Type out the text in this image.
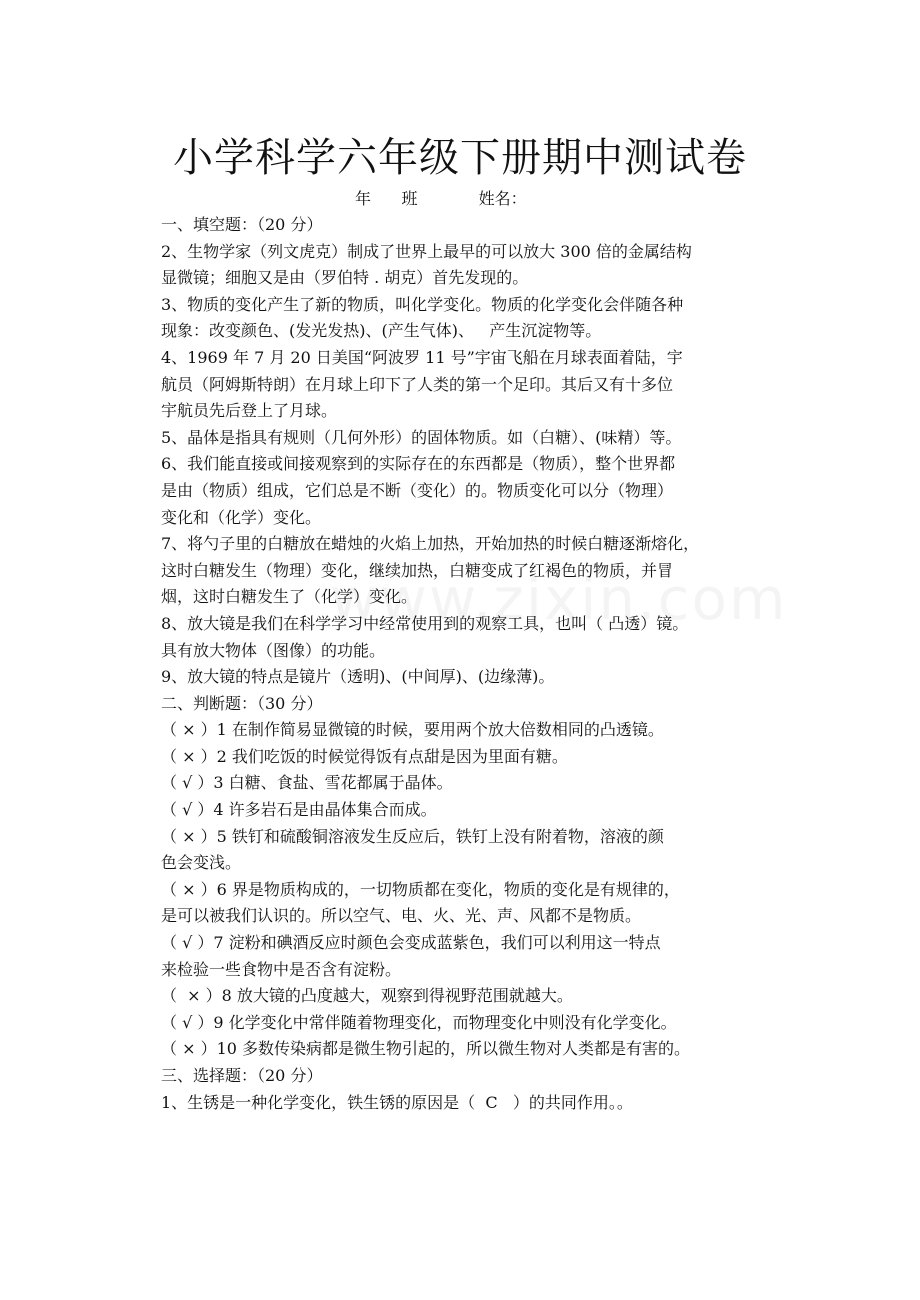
小学科学六年级下册期中测试卷
年 班	姓名：
一、填空题：（20 分）
2、生物学家（列文虎克）制成了世界上最早的可以放大 300 倍的金属结构
显微镜；细胞又是由（罗伯特 . 胡克）首先发现的。
3、物质的变化产生了新的物质，叫化学变化。物质的化学变化会伴随各种
现象：改变颜色、(发光发热)、(产生气体)、   产生沉淀物等。
4、1969 年 7 月 20 日美国“阿波罗 11 号”宇宙飞船在月球表面着陆，宇
航员（阿姆斯特朗）在月球上印下了人类的第一个足印。其后又有十多位
宇航员先后登上了月球。
5、晶体是指具有规则（几何外形）的固体物质。如（白糖）、(味精）等。
6、我们能直接或间接观察到的实际存在的东西都是（物质），整个世界都
是由（物质）组成，它们总是不断（变化）的。物质变化可以分（物理）
变化和（化学）变化。
7、将勺子里的白糖放在蜡烛的火焰上加热，开始加热的时候白糖逐渐熔化，
这时白糖发生（物理）变化，继续加热，白糖变成了红褐色的物质，并冒
烟，这时白糖发生了（化学）变化。
8、放大镜是我们在科学学习中经常使用到的观察工具，也叫（ 凸透）镜。
具有放大物体（图像）的功能。
9、放大镜的特点是镜片（透明)、(中间厚)、(边缘薄)。
二、判断题：（30 分）
（ × ）1 在制作简易显微镜的时候，要用两个放大倍数相同的凸透镜。
（ × ）2 我们吃饭的时候觉得饭有点甜是因为里面有糖。
（ √ ）3 白糖、食盐、雪花都属于晶体。
（ √ ）4 许多岩石是由晶体集合而成。
（ × ）5 铁钉和硫酸铜溶液发生反应后，铁钉上没有附着物，溶液的颜
色会变浅。
（ × ）6 界是物质构成的，一切物质都在变化，物质的变化是有规律的，
是可以被我们认识的。所以空气、电、火、光、声、风都不是物质。
（ √ ）7 淀粉和碘酒反应时颜色会变成蓝紫色，我们可以利用这一特点
来检验一些食物中是否含有淀粉。
（  × ）8 放大镜的凸度越大，观察到得视野范围就越大。
（ √ ）9 化学变化中常伴随着物理变化，而物理变化中则没有化学变化。
（ × ）10 多数传染病都是微生物引起的，所以微生物对人类都是有害的。
三、选择题：（20 分）
1、生锈是一种化学变化，铁生锈的原因是（  C   ）的共同作用。。
